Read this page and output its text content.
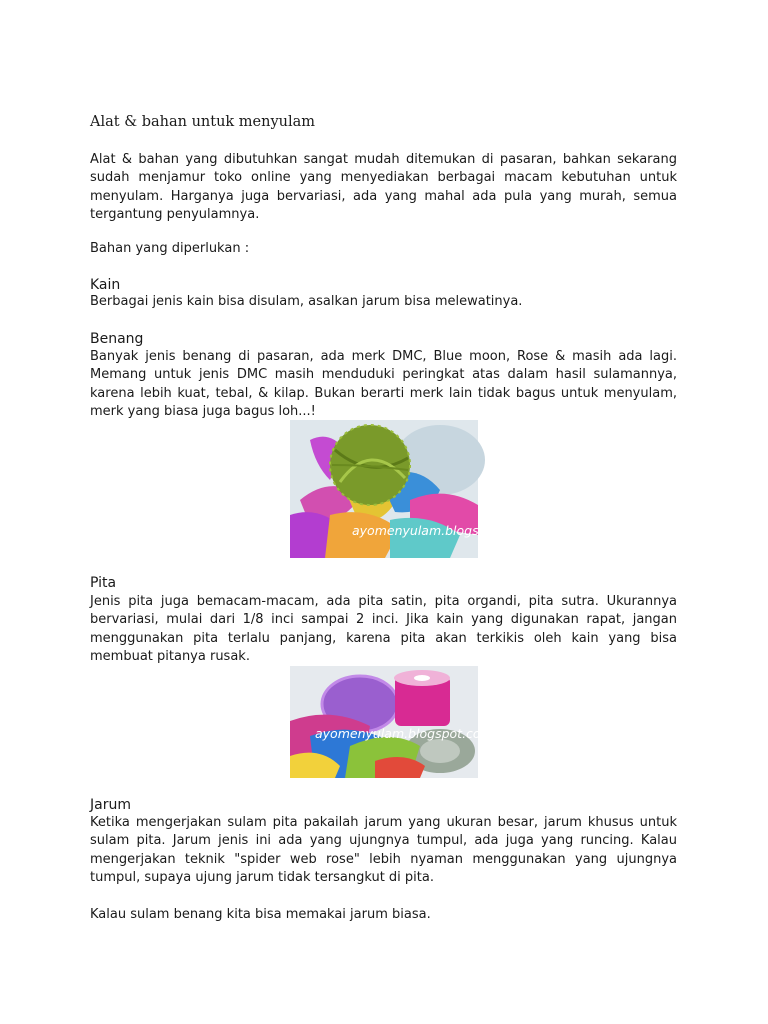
Alat & bahan untuk menyulam

Alat & bahan yang dibutuhkan sangat mudah ditemukan di pasaran, bahkan sekarang sudah menjamur toko online yang menyediakan berbagai macam kebutuhan untuk menyulam. Harganya juga bervariasi, ada yang mahal ada pula yang murah, semua tergantung penyulamnya.

Bahan yang diperlukan :

Kain

Berbagai jenis kain bisa disulam, asalkan jarum bisa melewatinya.

Benang

Banyak jenis benang di pasaran, ada merk DMC, Blue moon, Rose & masih ada lagi. Memang untuk jenis DMC masih menduduki peringkat atas dalam hasil sulamannya, karena lebih kuat, tebal, & kilap. Bukan berarti merk lain tidak bagus untuk menyulam, merk yang biasa juga bagus loh...!

ayomenyulam.blogspot.com
Pita

Jenis pita juga bemacam-macam, ada pita satin, pita organdi, pita sutra. Ukurannya bervariasi, mulai dari 1/8 inci sampai 2 inci. Jika kain yang digunakan rapat, jangan menggunakan pita terlalu panjang, karena pita akan terkikis oleh kain yang bisa membuat pitanya rusak.

ayomenyulam.blogspot.com
Jarum

Ketika mengerjakan sulam pita pakailah jarum yang ukuran besar, jarum khusus untuk sulam pita. Jarum jenis ini ada yang ujungnya tumpul, ada juga yang runcing. Kalau mengerjakan teknik "spider web rose" lebih nyaman menggunakan yang ujungnya tumpul, supaya ujung jarum tidak tersangkut di pita.

Kalau sulam benang kita bisa memakai jarum biasa.
